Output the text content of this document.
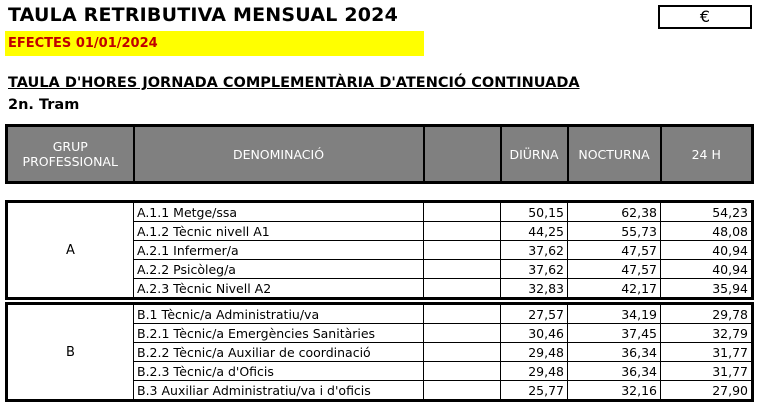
TAULA RETRIBUTIVA MENSUAL 2024	€
EFECTES 01/01/2024
TAULA D'HORES JORNADA COMPLEMENTÀRIA D'ATENCIÓ CONTINUADA
2n. Tram
GRUP PROFESSIONAL	DENOMINACIÓ		DIÜRNA	NOCTURNA	24 H
A	A.1.1 Metge/ssa		50,15	62,38	54,23
	A.1.2 Tècnic nivell A1		44,25	55,73	48,08
	A.2.1 Infermer/a		37,62	47,57	40,94
	A.2.2 Psicòleg/a		37,62	47,57	40,94
	A.2.3 Tècnic Nivell A2		32,83	42,17	35,94
B	B.1 Tècnic/a Administratiu/va		27,57	34,19	29,78
	B.2.1 Tècnic/a Emergències Sanitàries		30,46	37,45	32,79
	B.2.2 Tècnic/a Auxiliar de coordinació		29,48	36,34	31,77
	B.2.3 Tècnic/a d'Oficis		29,48	36,34	31,77
	B.3 Auxiliar Administratiu/va i d'oficis		25,77	32,16	27,90
